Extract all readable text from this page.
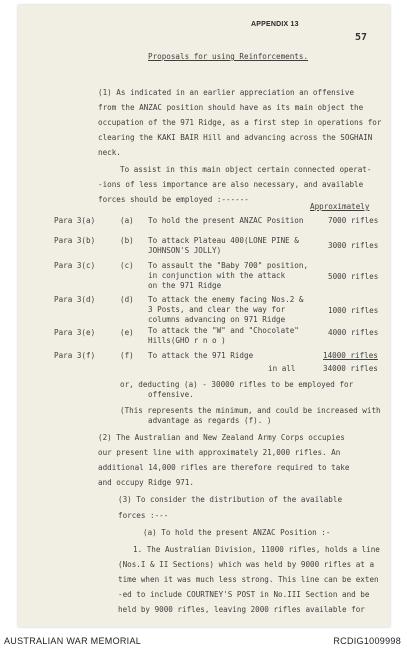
APPENDIX 13
57
Proposals for using Reinforcements.
(1) As indicated in an earlier appreciation an offensive
from the ANZAC position should have as its main object the
occupation of the 971 Ridge, as a first step in operations for
clearing the KAKI BAIR Hill and advancing across the SOGHAIN
neck.
To assist in this main object certain connected operat-
-ions of less importance are also necessary, and available
forces should be employed :------
Approximately
Para 3(a)	(a) To hold the present ANZAC Position	7000 rifles
Para 3(b)	(b) To attack Plateau 400(LONE PINE &
JOHNSON'S JOLLY)
3000 rifles
Para 3(c)	(c) To assault the "Baby 700" position,
in conjunction with the attack
on the 971 Ridge
5000 rifles
Para 3(d)	(d) To attack the enemy facing Nos.2 &
3 Posts, and clear the way for
columns advancing on 971 Ridge
1000 rifles
Para 3(e)	(e) To attack the "W" and "Chocolate"
Hills(GHO r n o )
4000 rifles
Para 3(f)	(f) To attack the 971 Ridge	14000 rifles
in all	34000 rifles
or, deducting (a) - 30000 rifles to be employed for
offensive.
(This represents the minimum, and could be increased with
advantage as regards (f). )
(2) The Australian and New Zealand Army Corps occupies
our present line with approximately 21,000 rifles. An
additional 14,000 rifles are therefore required to take
and occupy Ridge 971.
(3) To consider the distribution of the available
forces :---
(a) To hold the present ANZAC Position :-
1. The Australian Division, 11000 rifles, holds a line
(Nos.I & II Sections) which was held by 9000 rifles at a
time when it was much less strong. This line can be exten
-ed to include COURTNEY'S POST in No.III Section and be
held by 9000 rifles, leaving 2000 rifles available for
AUSTRALIAN WAR MEMORIAL	RCDIG1009998
